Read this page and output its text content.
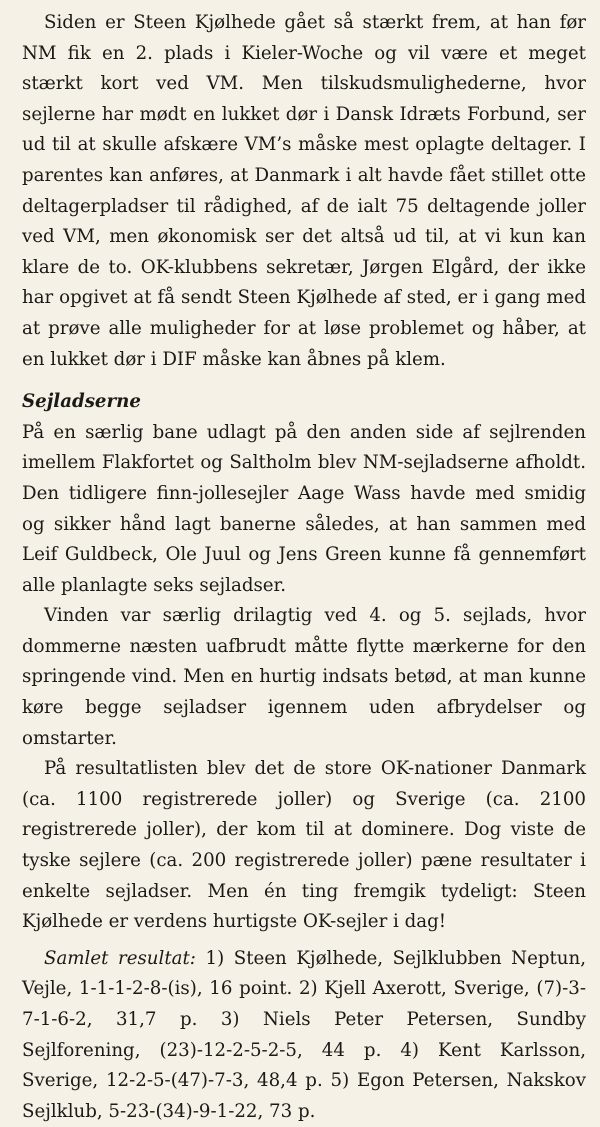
Siden er Steen Kjølhede gået så stærkt frem, at han før NM fik en 2. plads i Kieler-Woche og vil være et meget stærkt kort ved VM. Men tilskudsmulighederne, hvor sejlerne har mødt en lukket dør i Dansk Idræts Forbund, ser ud til at skulle afskære VM’s måske mest oplagte deltager. I parentes kan anføres, at Danmark i alt havde fået stillet otte deltagerpladser til rådighed, af de ialt 75 deltagende joller ved VM, men økonomisk ser det altså ud til, at vi kun kan klare de to. OK-klubbens sekretær, Jørgen Elgård, der ikke har opgivet at få sendt Steen Kjølhede af sted, er i gang med at prøve alle muligheder for at løse problemet og håber, at en lukket dør i DIF måske kan åbnes på klem.

Sejladserne

På en særlig bane udlagt på den anden side af sejlrenden imellem Flakfortet og Saltholm blev NM-sejladserne afholdt. Den tidligere finn-jollesejler Aage Wass havde med smidig og sikker hånd lagt banerne således, at han sammen med Leif Guldbeck, Ole Juul og Jens Green kunne få gennemført alle planlagte seks sejladser.

Vinden var særlig drilagtig ved 4. og 5. sejlads, hvor dommerne næsten uafbrudt måtte flytte mærkerne for den springende vind. Men en hurtig indsats betød, at man kunne køre begge sejladser igennem uden afbrydelser og omstarter.

På resultatlisten blev det de store OK-nationer Danmark (ca. 1100 registrerede joller) og Sverige (ca. 2100 registrerede joller), der kom til at dominere. Dog viste de tyske sejlere (ca. 200 registrerede joller) pæne resultater i enkelte sejladser. Men én ting fremgik tydeligt: Steen Kjølhede er verdens hurtigste OK-sejler i dag!

Samlet resultat: 1) Steen Kjølhede, Sejlklubben Neptun, Vejle, 1-1-1-2-8-(is), 16 point. 2) Kjell Axerott, Sverige, (7)-3-7-1-6-2, 31,7 p. 3) Niels Peter Petersen, Sundby Sejlforening, (23)-12-2-5-2-5, 44 p. 4) Kent Karlsson, Sverige, 12-2-5-(47)-7-3, 48,4 p. 5) Egon Petersen, Nakskov Sejlklub, 5-23-(34)-9-1-22, 73 p.
